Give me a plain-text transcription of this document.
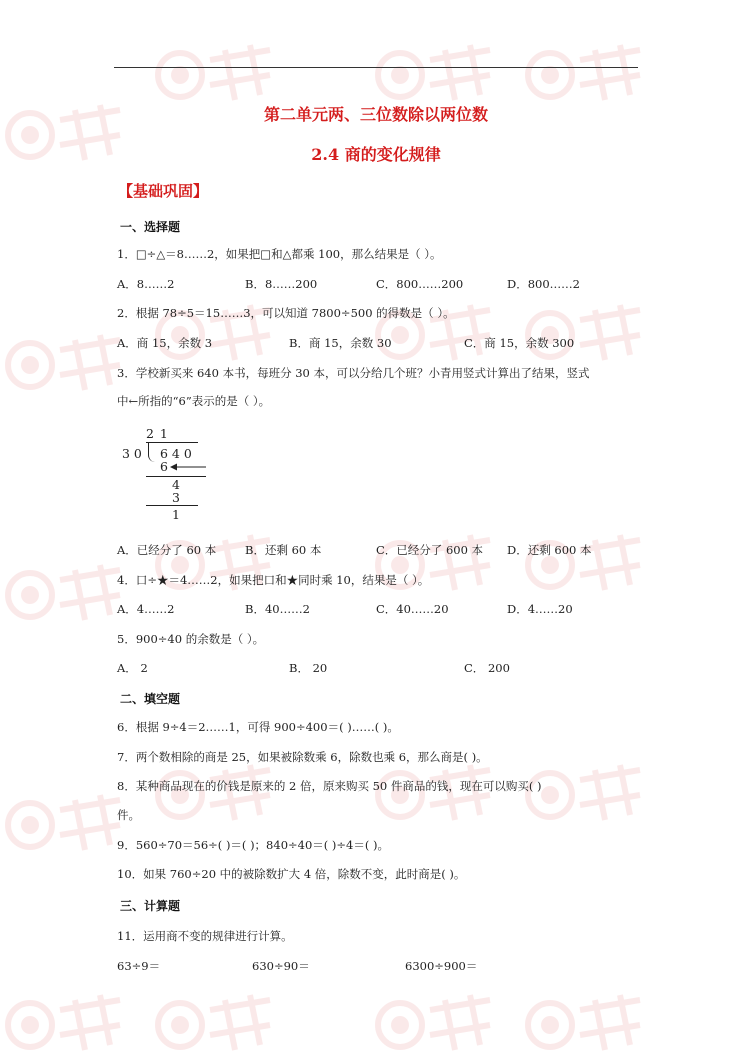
第二单元两、三位数除以两位数
2.4 商的变化规律
【基础巩固】
一、选择题
1．□÷△＝8……2，如果把□和△都乘 100，那么结果是（ ）。
A．8……2	B．8……200	C．800……200	D．800……2
2．根据 78÷5＝15……3，可以知道 7800÷500 的得数是（ ）。
A．商 15，余数 3	B．商 15，余数 30	C．商 15，余数 300
3．学校新买来 640 本书，每班分 30 本，可以分给几个班？小青用竖式计算出了结果，竖式
中←所指的“6”表示的是（ ）。
2 1
3 0 6 4 0
6
4
3
1
A．已经分了 60 本	B．还剩 60 本	C．已经分了 600 本 D．还剩 600 本
4．口÷★＝4……2，如果把口和★同时乘 10，结果是（ ）。
A．4……2	B．40……2	C．40……20	D．4……20
5．900÷40 的余数是（ ）。
A． 2	B． 20	C． 200
二、填空题
6．根据 9÷4＝2……1，可得 900÷400＝( )……( )。
7．两个数相除的商是 25，如果被除数乘 6，除数也乘 6，那么商是( )。
8．某种商品现在的价钱是原来的 2 倍，原来购买 50 件商品的钱，现在可以购买( )
件。
9．560÷70＝56÷( )＝( )；840÷40＝( )÷4＝( )。
10．如果 760÷20 中的被除数扩大 4 倍，除数不变，此时商是( )。
三、计算题
11．运用商不变的规律进行计算。
63÷9＝	630÷90＝	6300÷900＝
